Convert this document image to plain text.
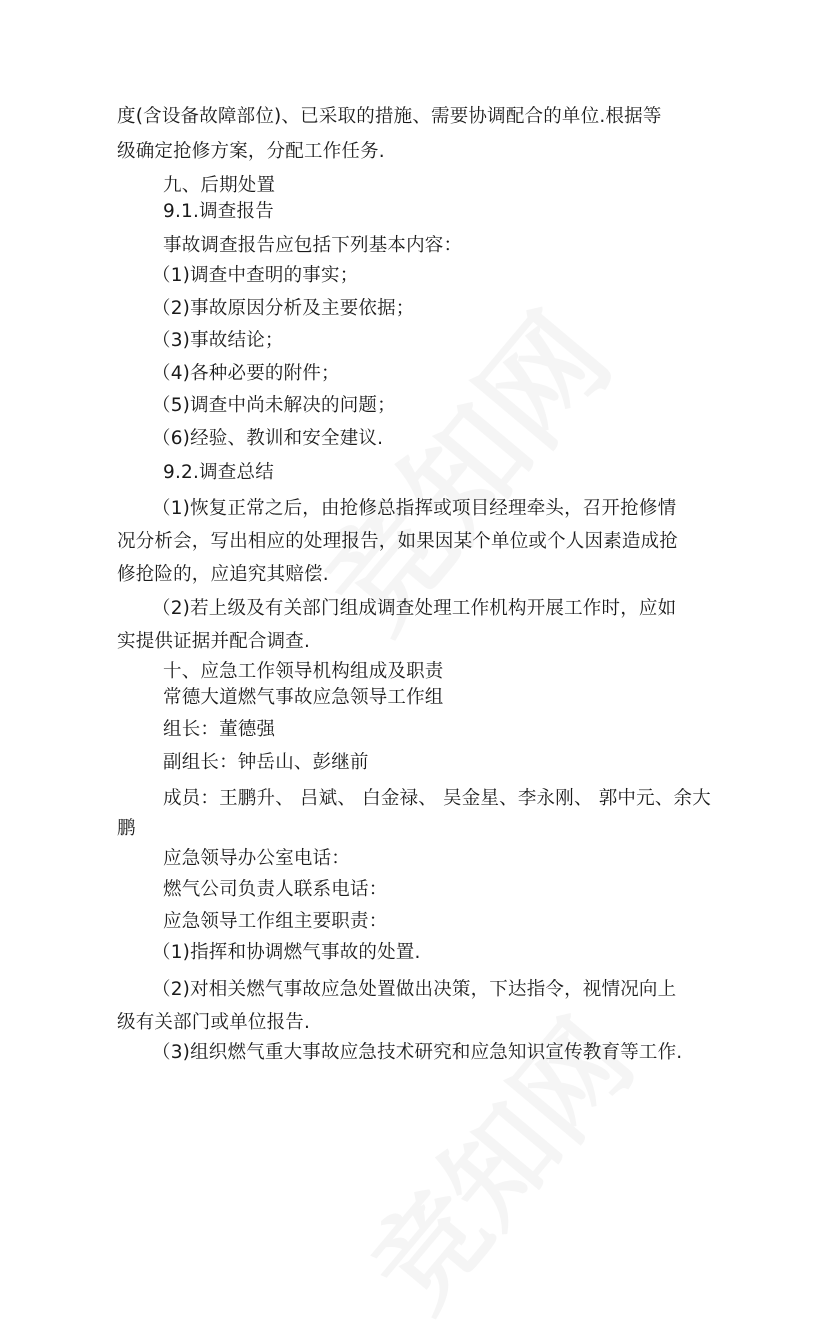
度(含设备故障部位)、已采取的措施、需要协调配合的单位.根据等
级确定抢修方案，分配工作任务.
九、后期处置
9.1.调查报告
事故调查报告应包括下列基本内容：
（1)调查中查明的事实；
（2)事故原因分析及主要依据；
（3)事故结论；
（4)各种必要的附件；
（5)调查中尚未解决的问题；
（6)经验、教训和安全建议.
9.2.调查总结
（1)恢复正常之后，由抢修总指挥或项目经理牵头，召开抢修情
况分析会，写出相应的处理报告，如果因某个单位或个人因素造成抢
修抢险的，应追究其赔偿.
（2)若上级及有关部门组成调查处理工作机构开展工作时，应如
实提供证据并配合调查.
十、应急工作领导机构组成及职责
常德大道燃气事故应急领导工作组
组长：董德强
副组长：钟岳山、彭继前
成员：王鹏升、 吕斌、 白金禄、 吴金星、李永刚、 郭中元、余大
鹏
应急领导办公室电话：
燃气公司负责人联系电话：
应急领导工作组主要职责：
（1)指挥和协调燃气事故的处置.
（2)对相关燃气事故应急处置做出决策，下达指令，视情况向上
级有关部门或单位报告.
（3)组织燃气重大事故应急技术研究和应急知识宣传教育等工作.
